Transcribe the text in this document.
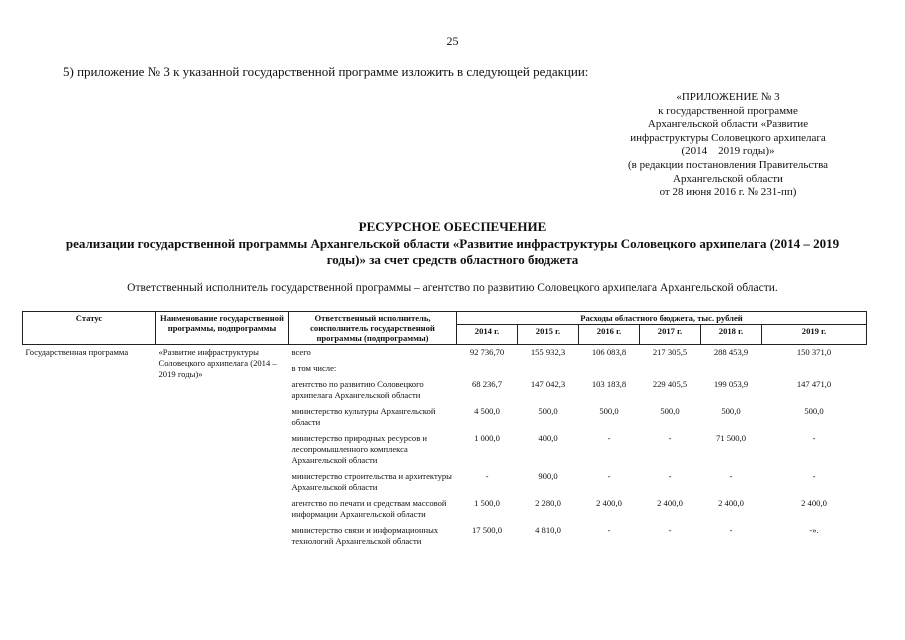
25
5) приложение № 3 к указанной государственной программе изложить в следующей редакции:
«ПРИЛОЖЕНИЕ № 3
к государственной программе
Архангельской области «Развитие
инфраструктуры Соловецкого архипелага
(2014    2019 годы)»
(в редакции постановления Правительства
Архангельской области
от 28 июня 2016 г. № 231-пп)
РЕСУРСНОЕ ОБЕСПЕЧЕНИЕ
реализации государственной программы Архангельской области «Развитие инфраструктуры Соловецкого архипелага (2014 – 2019 годы)» за счет средств областного бюджета
Ответственный исполнитель государственной программы – агентство по развитию Соловецкого архипелага Архангельской области.
Статус	Наименование государственной программы, подпрограммы	Ответственный исполнитель, соисполнитель государственной программы (подпрограммы)	Расходы областного бюджета, тыс. рублей					
			2014 г.	2015 г.	2016 г.	2017 г.	2018 г.	2019 г.
Государственная программа	«Развитие инфраструктуры Соловецкого архипелага (2014 – 2019 годы)»	всего	92 736,70	155 932,3	106 083,8	217 305,5	288 453,9	150 371,0
		в том числе:						
		агентство по развитию Соловецкого архипелага Архангельской области	68 236,7	147 042,3	103 183,8	229 405,5	199 053,9	147 471,0
		министерство культуры Архангельской области	4 500,0	500,0	500,0	500,0	500,0	500,0
		министерство природных ресурсов и лесопромышленного комплекса Архангельской области	1 000,0	400,0	-	-	71 500,0	-
		министерство строительства и архитектуры Архангельской области	-	900,0	-	-	-	-
		агентство по печати и средствам массовой информации Архангельской области	1 500,0	2 280,0	2 400,0	2 400,0	2 400,0	2 400,0
		министерство связи и информационных технологий Архангельской области	17 500,0	4 810,0	-	-	-	-».
